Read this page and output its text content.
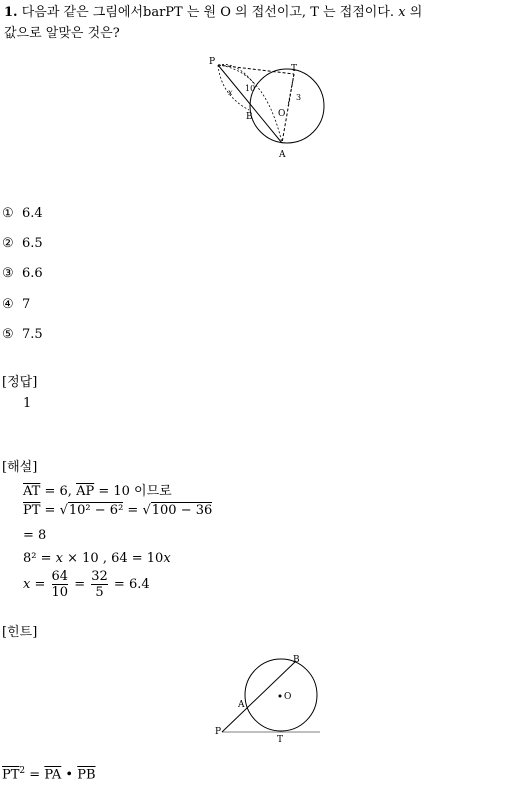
1. 다음과 같은 그림에서barPT 는 원 O 의 접선이고, T 는 접점이다. x 의
값으로 알맞은 것은?
P
T
O
B
A
x 10
3
① 6.4
② 6.5
③ 6.6
④ 7
⑤ 7.5
[정답]
1
[해설]
$\overline{AT} = 6$, $\overline{AP} = 10$ 이므로
$\overline{PT} = √10^2 - 6^2 = √100 - 36$
= 8
8² = x × 10 , 64 = 10x
$x = \frac{64}{10} = \frac{32}{5} = 6.4$
[힌트]
B
A
O
P
T
$\overline{PT}^2 = \overline{PA}$ • $\overline{PB}$
